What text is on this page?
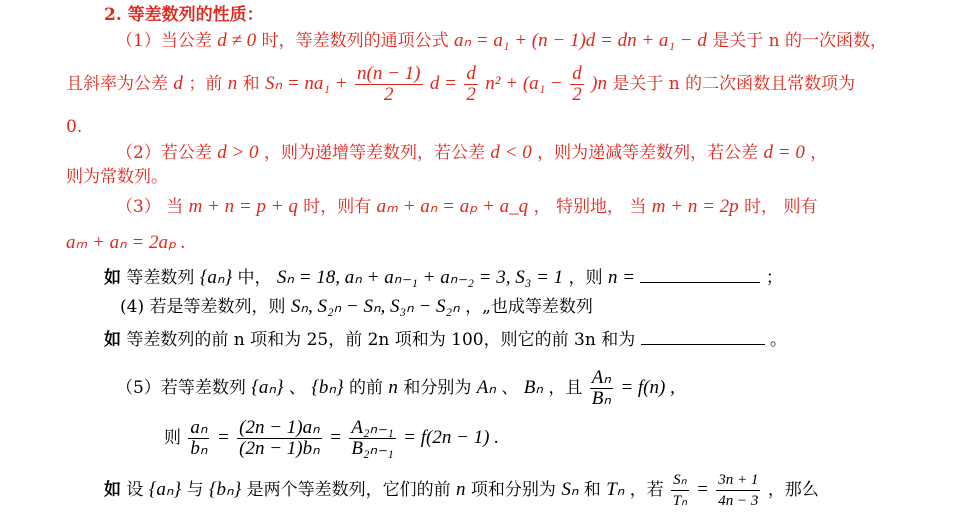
2. 等差数列的性质：
（1）当公差 d ≠ 0 时，等差数列的通项公式 aₙ = a₁ + (n − 1)d = dn + a₁ − d 是关于 n 的一次函数，
且斜率为公差 d ；前 n 和 $S_n = na_1 + \frac{n(n - 1)}{2}$ $d = \frac{d}{2} n^2 + (a_1 - \frac{d}{2} )n$ 是关于 n 的二次函数且常数项为
0.
（2）若公差 d > 0 ，则为递增等差数列，若公差 d < 0 ，则为递减等差数列，若公差 d = 0 ，
则为常数列。
（3） 当 m + n = p + q 时，则有 aₘ + aₙ = aₚ + a_q ， 特别地， 当 m + n = 2p 时， 则有
aₘ + aₙ = 2aₚ .
如 等差数列 {aₙ} 中， Sₙ = 18, aₙ + aₙ₋₁ + aₙ₋₂ = 3, S₃ = 1 ，则 n =	；
(4) 若是等差数列，则 Sₙ, S₂ₙ − Sₙ, S₃ₙ − S₂ₙ ，„也成等差数列
如 等差数列的前 n 项和为 25，前 2n 项和为 100，则它的前 3n 和为	。
（5）若等差数列 {aₙ} 、 {bₙ} 的前 n 和分别为 Aₙ 、 Bₙ ，且 $\frac{\text{Aₙ}}{\text{Bₙ}} = f(n)$ ,
则 $\frac{\text{aₙ}}{\text{bₙ}} = \frac{\text{(2n − 1)aₙ}}{\text{(2n − 1)bₙ}} = \frac{\text{A₂ₙ₋₁}}{\text{B₂ₙ₋₁}} = f(2n - 1)$ .
如 设 {aₙ} 与 {bₙ} 是两个等差数列，它们的前 n 项和分别为 Sₙ 和 Tₙ ，若 $\frac{\text{Sₙ}}{\text{Tₙ}} = \frac{3n + 1}{4n - 3}$ ，那么
